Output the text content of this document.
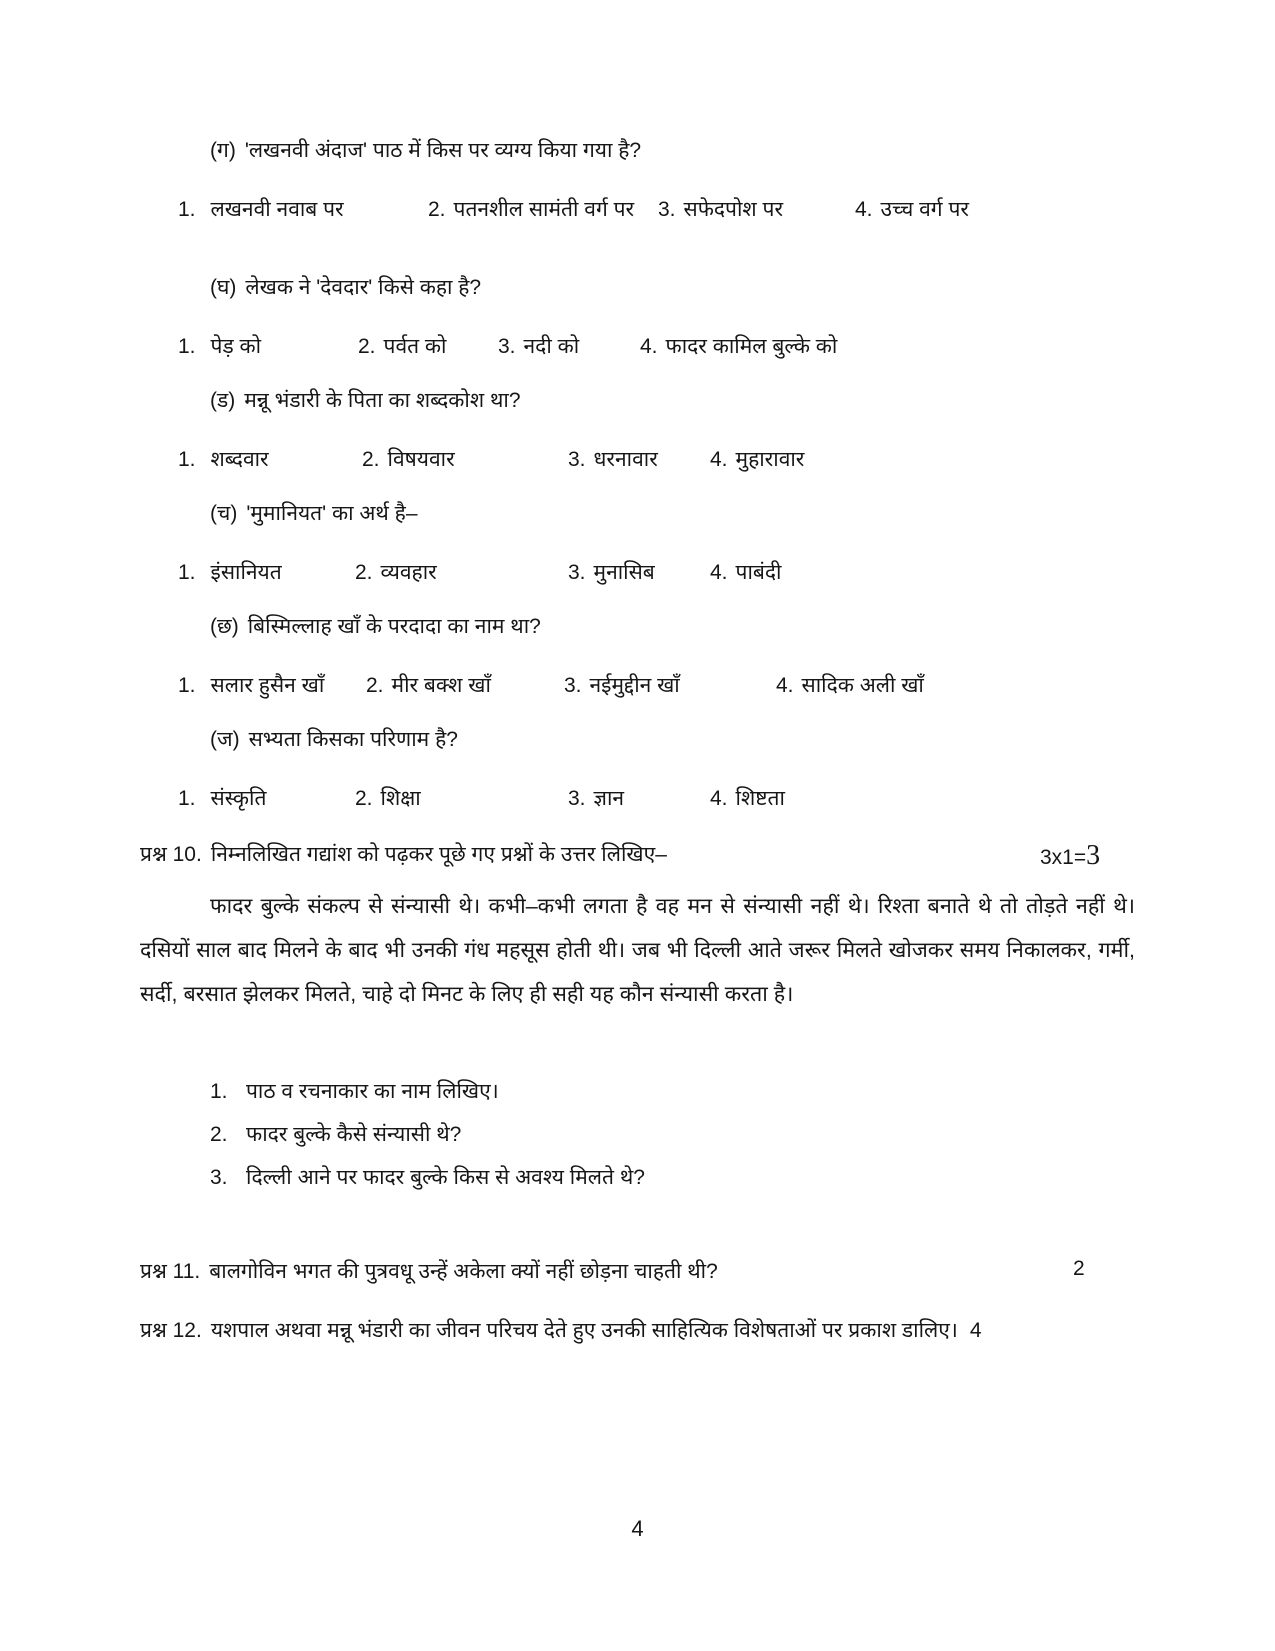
(ग) 'लखनवी अंदाज' पाठ में किस पर व्यग्य किया गया है?
1. लखनवी नवाब पर	2. पतनशील सामंती वर्ग पर 3. सफेदपोश पर	4. उच्च वर्ग पर
(घ) लेखक ने 'देवदार' किसे कहा है?
1. पेड़ को	2. पर्वत को 3. नदी को	4. फादर कामिल बुल्के को
(ड) मन्नू भंडारी के पिता का शब्दकोश था?
1. शब्दवार	2. विषयवार	3. धरनावार 4. मुहारावार
(च) 'मुमानियत' का अर्थ है–
1. इंसानियत	2. व्यवहार	3. मुनासिब	4. पाबंदी
(छ) बिस्मिल्लाह खाँ के परदादा का नाम था?
1. सलार हुसैन खाँ 2. मीर बक्श खाँ	3. नईमुद्दीन खाँ	4. सादिक अली खाँ
(ज) सभ्यता किसका परिणाम है?
1. संस्कृति	2. शिक्षा	3. ज्ञान	4. शिष्टता
प्रश्न 10. निम्नलिखित गद्यांश को पढ़कर पूछे गए प्रश्नों के उत्तर लिखिए–	3x1=3

फादर बुल्के संकल्प से संन्यासी थे। कभी–कभी लगता है वह मन से संन्यासी नहीं थे। रिश्ता बनाते थे तो तोड़ते नहीं थे। दसियों साल बाद मिलने के बाद भी उनकी गंध महसूस होती थी। जब भी दिल्ली आते जरूर मिलते खोजकर समय निकालकर, गर्मी, सर्दी, बरसात झेलकर मिलते, चाहे दो मिनट के लिए ही सही यह कौन संन्यासी करता है।

1. पाठ व रचनाकार का नाम लिखिए।
2. फादर बुल्के कैसे संन्यासी थे?
3. दिल्ली आने पर फादर बुल्के किस से अवश्य मिलते थे?
प्रश्न 11. बालगोविन भगत की पुत्रवधू उन्हें अकेला क्यों नहीं छोड़ना चाहती थी?	2
प्रश्न 12. यशपाल अथवा मन्नू भंडारी का जीवन परिचय देते हुए उनकी साहित्यिक विशेषताओं पर प्रकाश डालिए। 4
4
